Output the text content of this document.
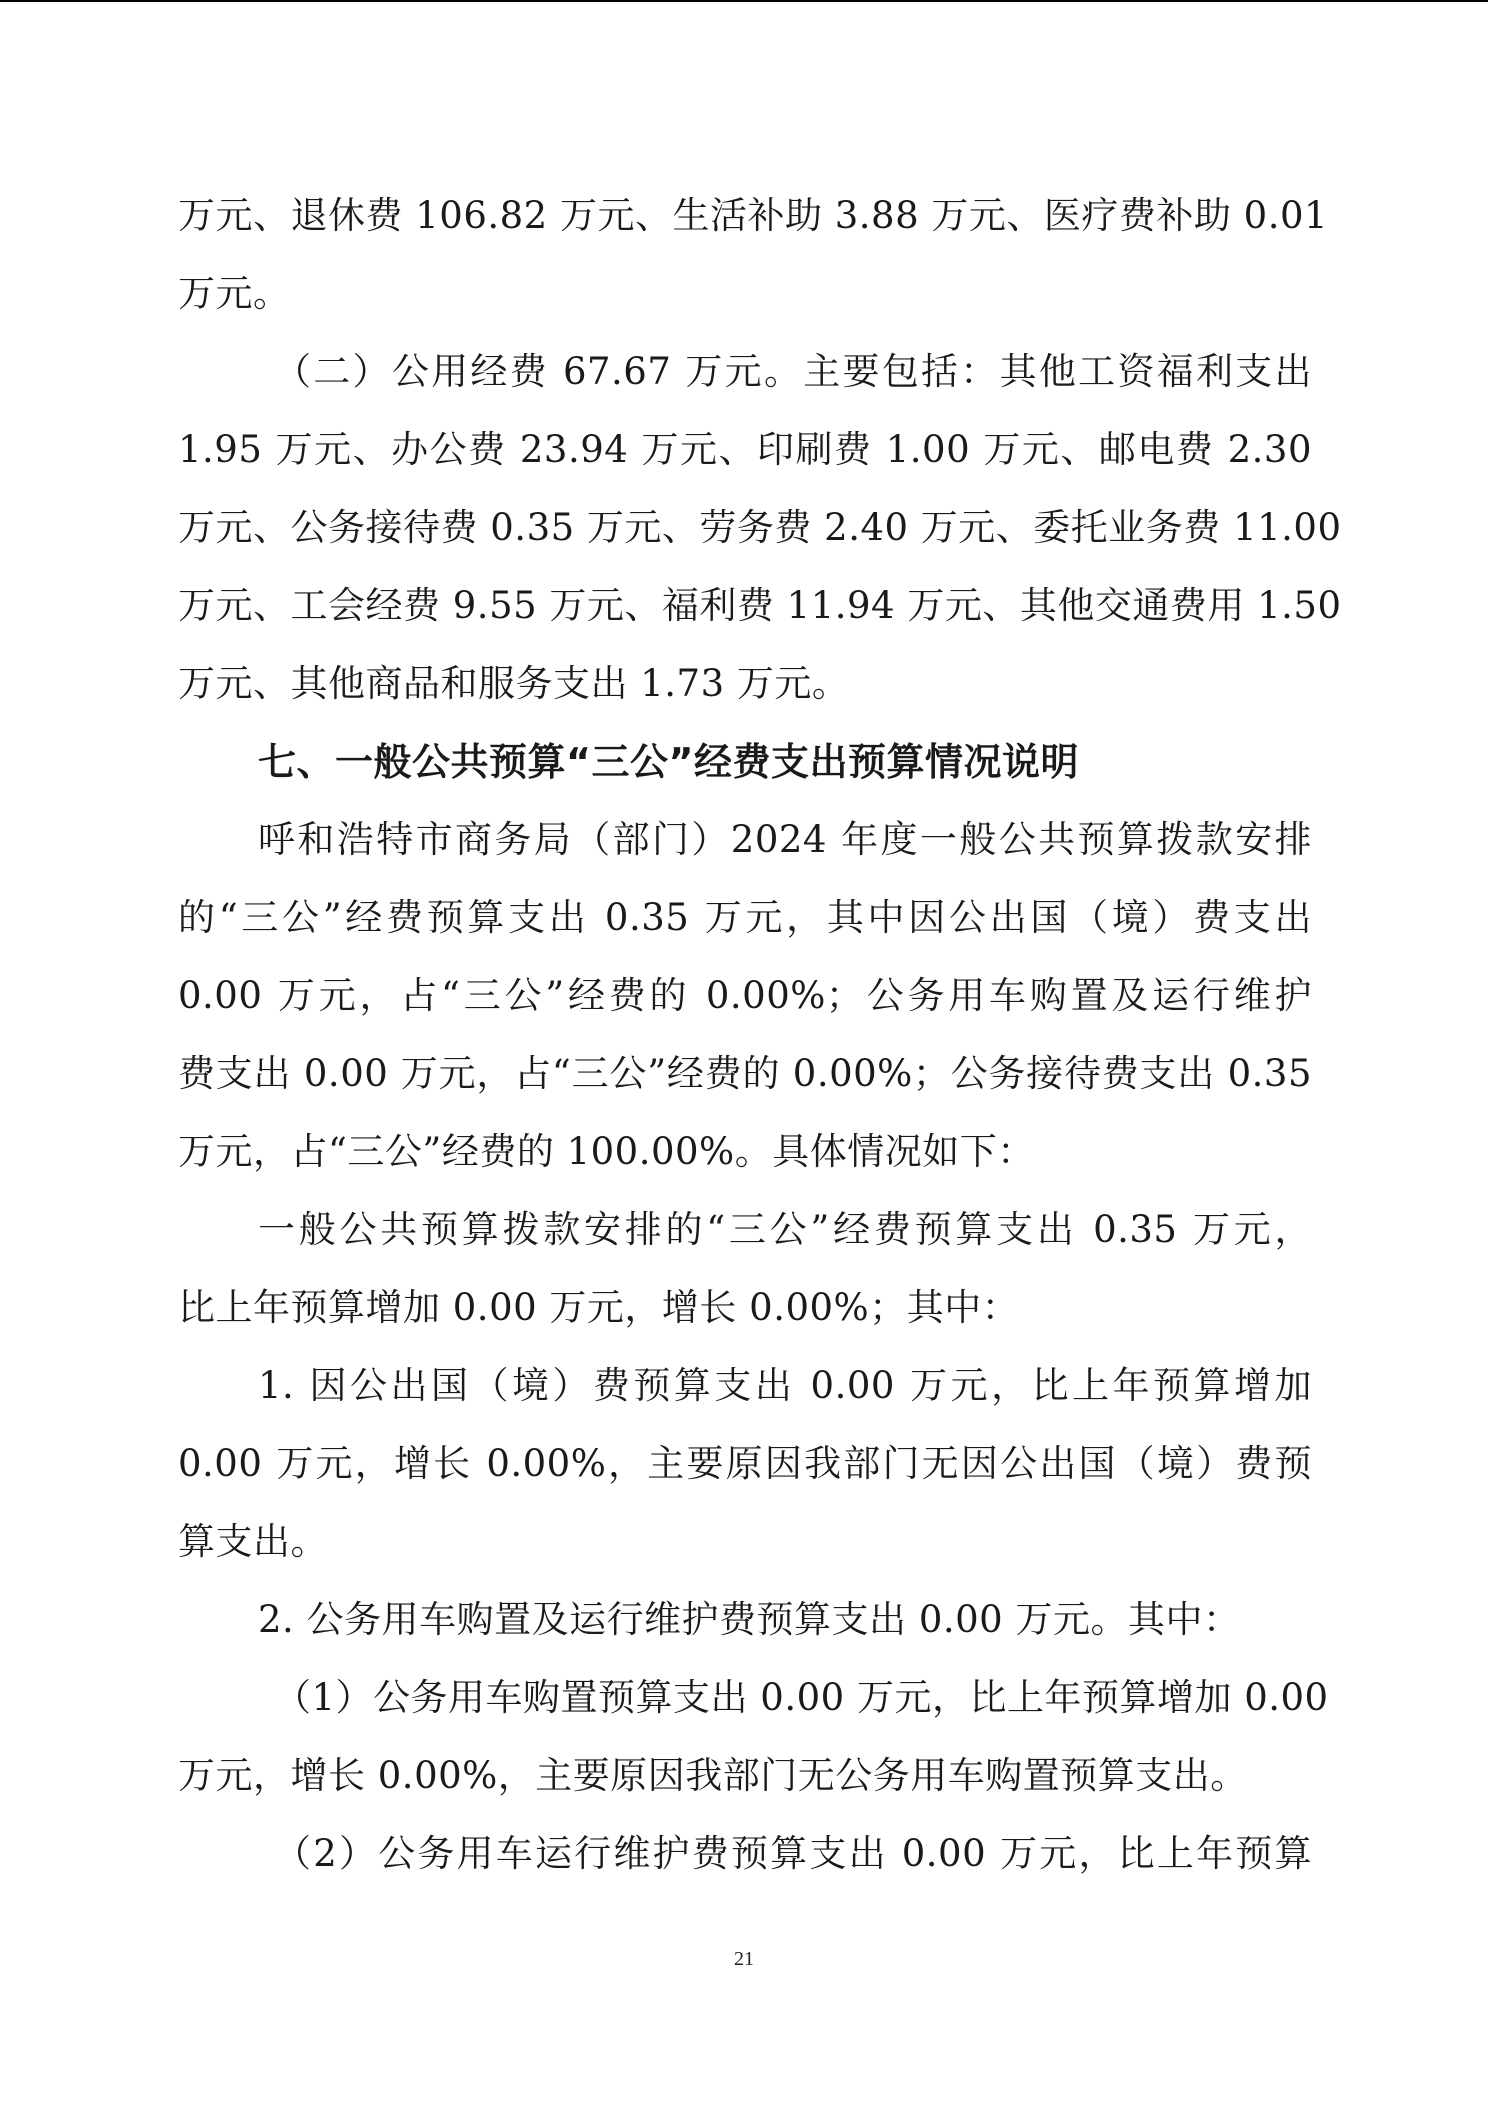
万元、退休费 106.82 万元、生活补助 3.88 万元、医疗费补助 0.01
万元。
（二）公用经费 67.67 万元。主要包括：其他工资福利支出
1.95 万元、办公费 23.94 万元、印刷费 1.00 万元、邮电费 2.30
万元、公务接待费 0.35 万元、劳务费 2.40 万元、委托业务费 11.00
万元、工会经费 9.55 万元、福利费 11.94 万元、其他交通费用 1.50
万元、其他商品和服务支出 1.73 万元。
七、一般公共预算“三公”经费支出预算情况说明
呼和浩特市商务局（部门）2024 年度一般公共预算拨款安排
的“三公”经费预算支出 0.35 万元，其中因公出国（境）费支出
0.00 万元，占“三公”经费的 0.00%；公务用车购置及运行维护
费支出 0.00 万元，占“三公”经费的 0.00%；公务接待费支出 0.35
万元，占“三公”经费的 100.00%。具体情况如下：
一般公共预算拨款安排的“三公”经费预算支出 0.35 万元，
比上年预算增加 0.00 万元，增长 0.00%；其中：
1. 因公出国（境）费预算支出 0.00 万元，比上年预算增加
0.00 万元，增长 0.00%，主要原因我部门无因公出国（境）费预
算支出。
2. 公务用车购置及运行维护费预算支出 0.00 万元。其中：
（1）公务用车购置预算支出 0.00 万元，比上年预算增加 0.00
万元，增长 0.00%，主要原因我部门无公务用车购置预算支出。
（2）公务用车运行维护费预算支出 0.00 万元，比上年预算
21
